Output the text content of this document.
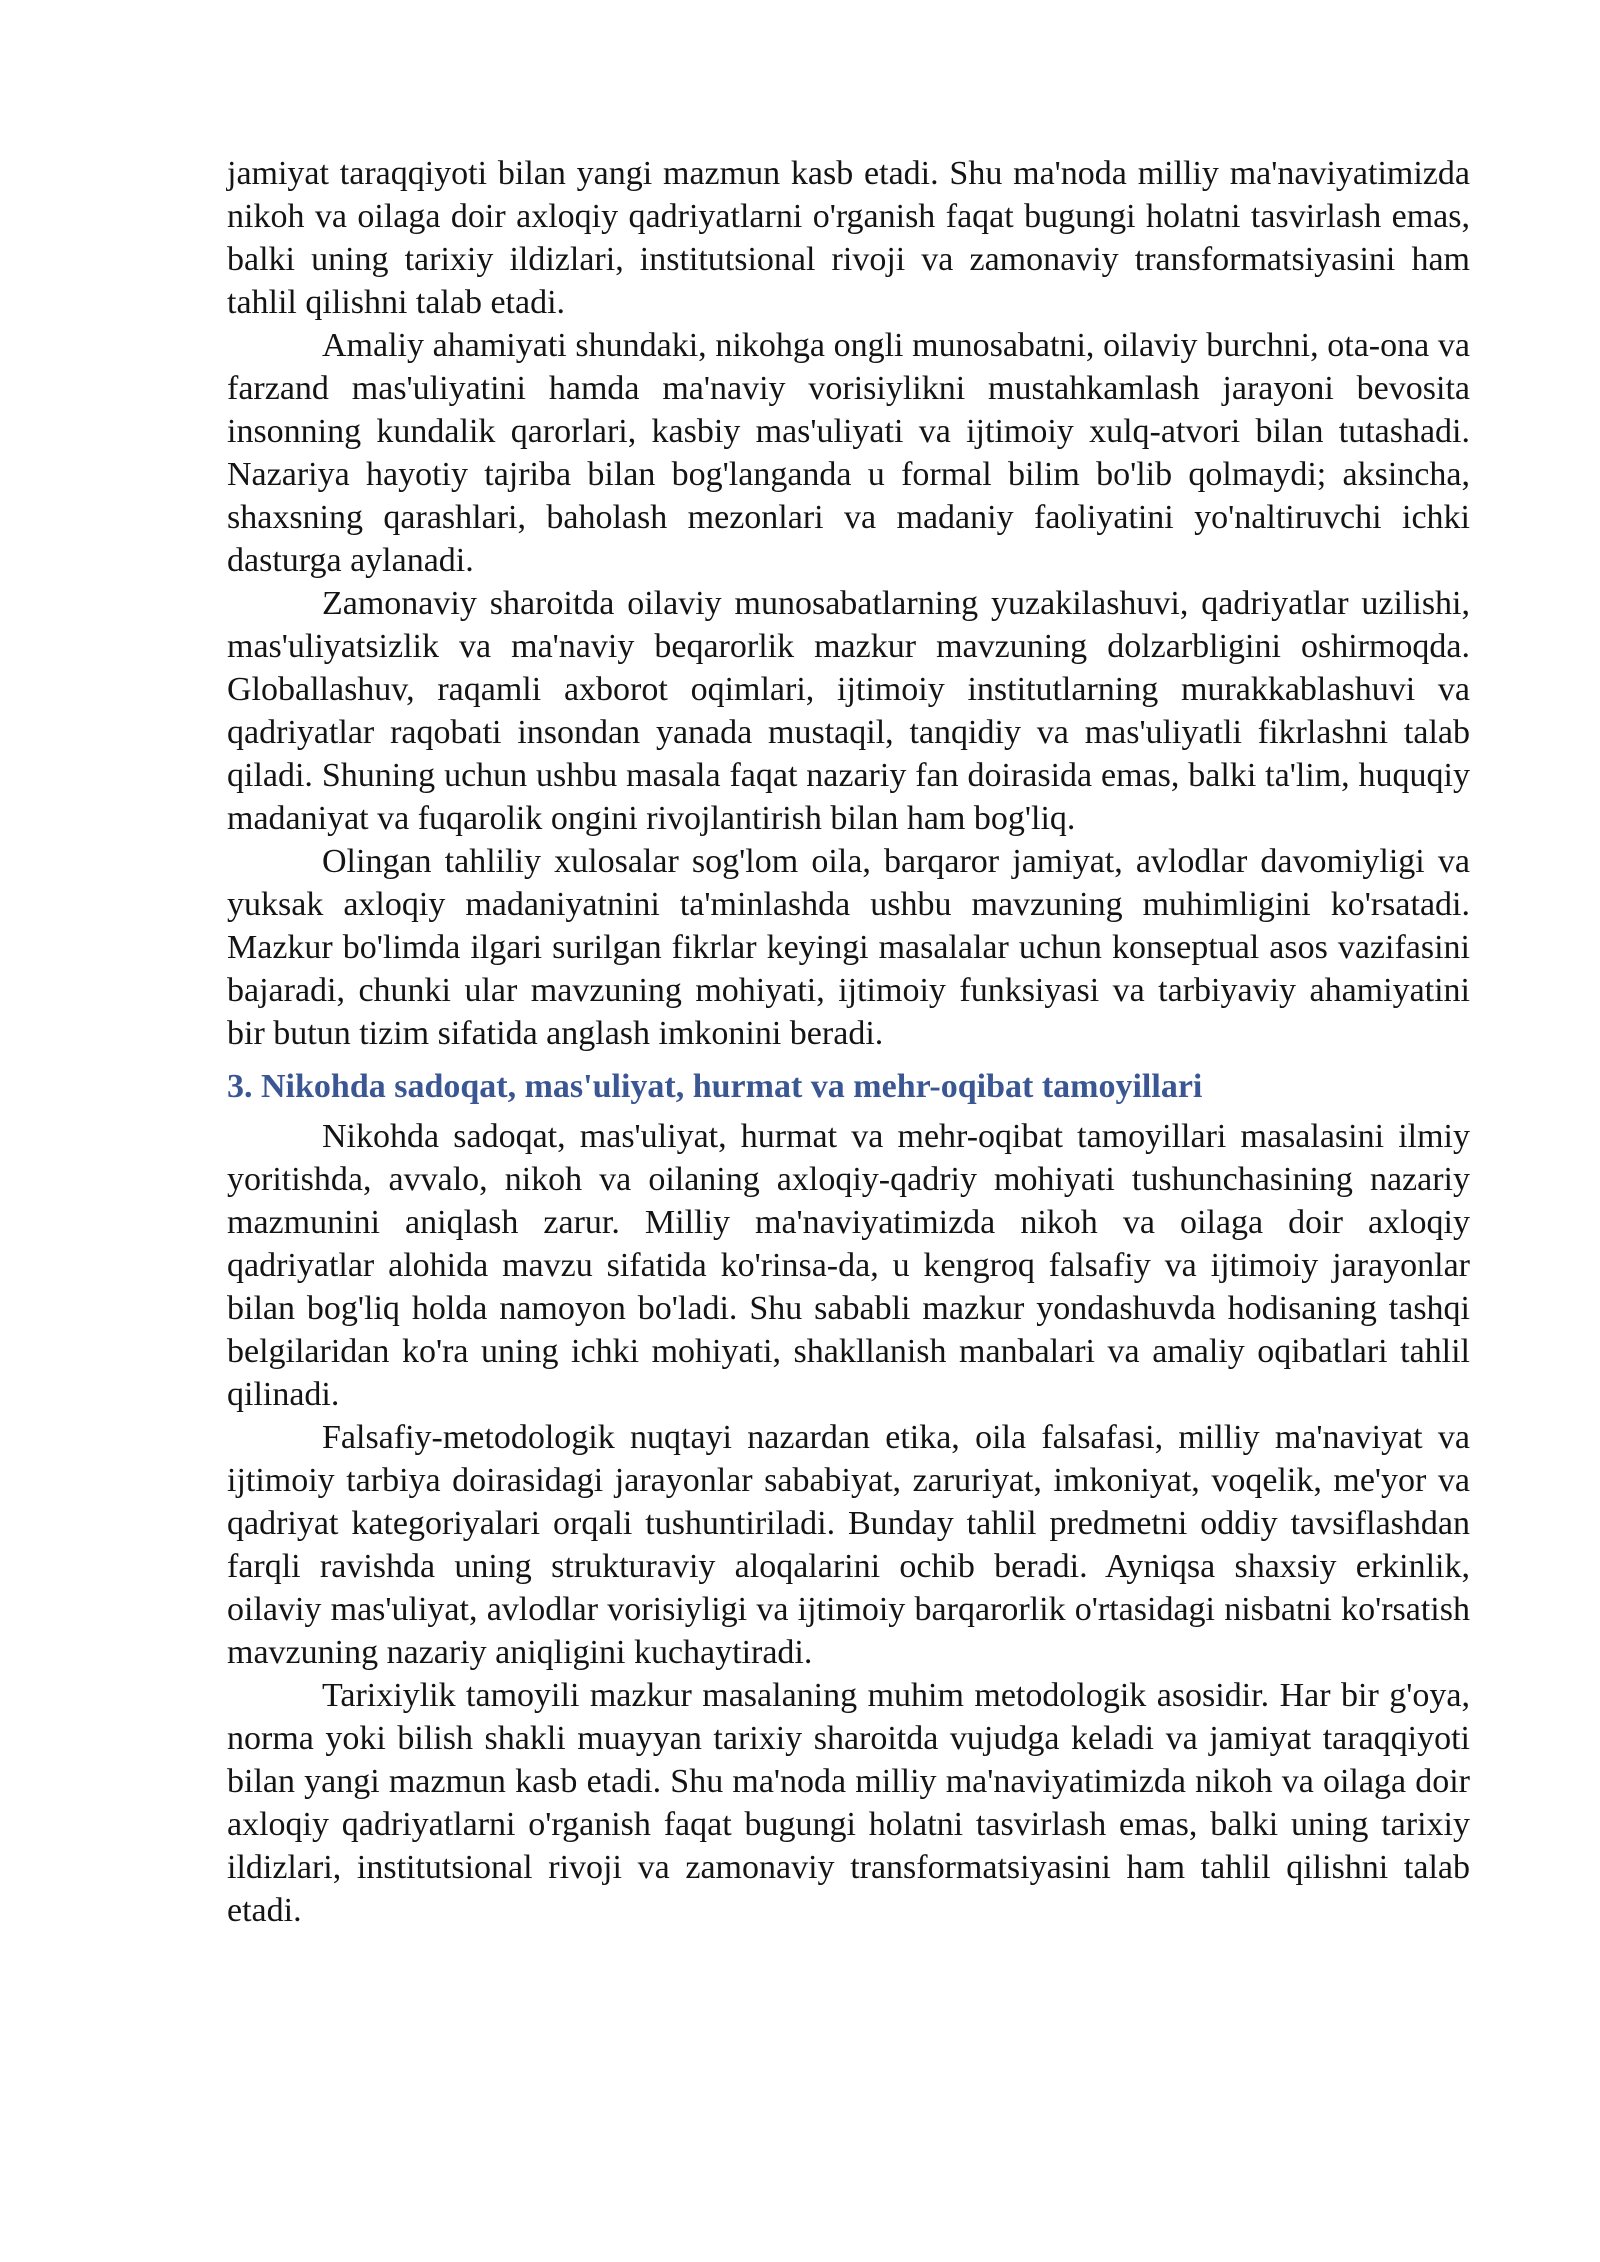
jamiyat taraqqiyoti bilan yangi mazmun kasb etadi. Shu ma'noda milliy ma'naviyatimizda nikoh va oilaga doir axloqiy qadriyatlarni o'rganish faqat bugungi holatni tasvirlash emas, balki uning tarixiy ildizlari, institutsional rivoji va zamonaviy transformatsiyasini ham tahlil qilishni talab etadi.

Amaliy ahamiyati shundaki, nikohga ongli munosabatni, oilaviy burchni, ota-ona va farzand mas'uliyatini hamda ma'naviy vorisiylikni mustahkamlash jarayoni bevosita insonning kundalik qarorlari, kasbiy mas'uliyati va ijtimoiy xulq-atvori bilan tutashadi. Nazariya hayotiy tajriba bilan bog'langanda u formal bilim bo'lib qolmaydi; aksincha, shaxsning qarashlari, baholash mezonlari va madaniy faoliyatini yo'naltiruvchi ichki dasturga aylanadi.

Zamonaviy sharoitda oilaviy munosabatlarning yuzakilashuvi, qadriyatlar uzilishi, mas'uliyatsizlik va ma'naviy beqarorlik mazkur mavzuning dolzarbligini oshirmoqda. Globallashuv, raqamli axborot oqimlari, ijtimoiy institutlarning murakkablashuvi va qadriyatlar raqobati insondan yanada mustaqil, tanqidiy va mas'uliyatli fikrlashni talab qiladi. Shuning uchun ushbu masala faqat nazariy fan doirasida emas, balki ta'lim, huquqiy madaniyat va fuqarolik ongini rivojlantirish bilan ham bog'liq.

Olingan tahliliy xulosalar sog'lom oila, barqaror jamiyat, avlodlar davomiyligi va yuksak axloqiy madaniyatnini ta'minlashda ushbu mavzuning muhimligini ko'rsatadi. Mazkur bo'limda ilgari surilgan fikrlar keyingi masalalar uchun konseptual asos vazifasini bajaradi, chunki ular mavzuning mohiyati, ijtimoiy funksiyasi va tarbiyaviy ahamiyatini bir butun tizim sifatida anglash imkonini beradi.

3. Nikohda sadoqat, mas'uliyat, hurmat va mehr-oqibat tamoyillari

Nikohda sadoqat, mas'uliyat, hurmat va mehr-oqibat tamoyillari masalasini ilmiy yoritishda, avvalo, nikoh va oilaning axloqiy-qadriy mohiyati tushunchasining nazariy mazmunini aniqlash zarur. Milliy ma'naviyatimizda nikoh va oilaga doir axloqiy qadriyatlar alohida mavzu sifatida ko'rinsa-da, u kengroq falsafiy va ijtimoiy jarayonlar bilan bog'liq holda namoyon bo'ladi. Shu sababli mazkur yondashuvda hodisaning tashqi belgilaridan ko'ra uning ichki mohiyati, shakllanish manbalari va amaliy oqibatlari tahlil qilinadi.

Falsafiy-metodologik nuqtayi nazardan etika, oila falsafasi, milliy ma'naviyat va ijtimoiy tarbiya doirasidagi jarayonlar sababiyat, zaruriyat, imkoniyat, voqelik, me'yor va qadriyat kategoriyalari orqali tushuntiriladi. Bunday tahlil predmetni oddiy tavsiflashdan farqli ravishda uning strukturaviy aloqalarini ochib beradi. Ayniqsa shaxsiy erkinlik, oilaviy mas'uliyat, avlodlar vorisiyligi va ijtimoiy barqarorlik o'rtasidagi nisbatni ko'rsatish mavzuning nazariy aniqligini kuchaytiradi.

Tarixiylik tamoyili mazkur masalaning muhim metodologik asosidir. Har bir g'oya, norma yoki bilish shakli muayyan tarixiy sharoitda vujudga keladi va jamiyat taraqqiyoti bilan yangi mazmun kasb etadi. Shu ma'noda milliy ma'naviyatimizda nikoh va oilaga doir axloqiy qadriyatlarni o'rganish faqat bugungi holatni tasvirlash emas, balki uning tarixiy ildizlari, institutsional rivoji va zamonaviy transformatsiyasini ham tahlil qilishni talab etadi.
